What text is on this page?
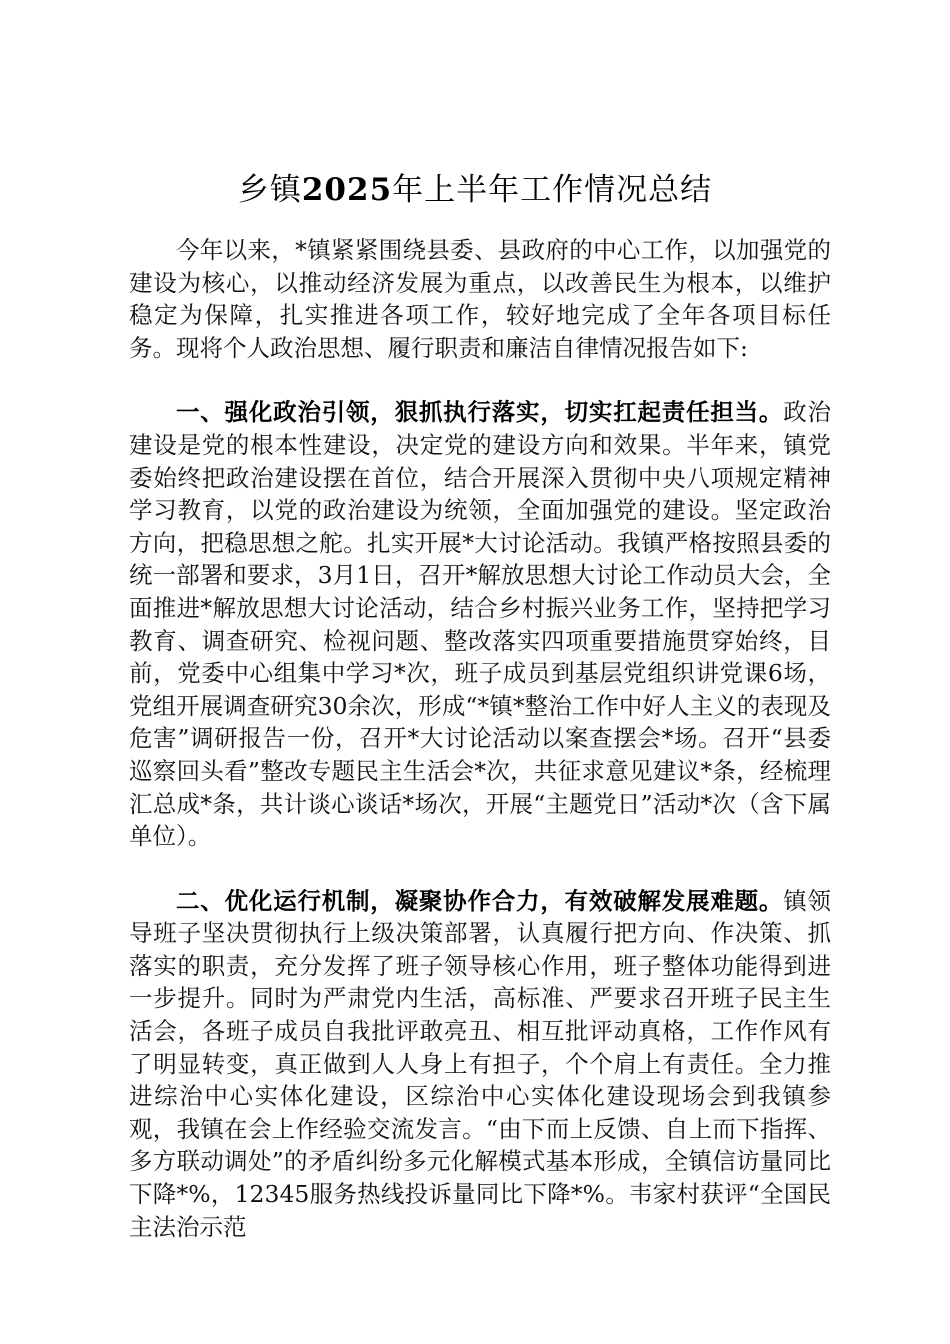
乡镇2025年上半年工作情况总结

今年以来，*镇紧紧围绕县委、县政府的中心工作，以加强党的建设为核心，以推动经济发展为重点，以改善民生为根本，以维护稳定为保障，扎实推进各项工作，较好地完成了全年各项目标任务。现将个人政治思想、履行职责和廉洁自律情况报告如下:

一、强化政治引领，狠抓执行落实，切实扛起责任担当。政治建设是党的根本性建设，决定党的建设方向和效果。半年来，镇党委始终把政治建设摆在首位，结合开展深入贯彻中央八项规定精神学习教育，以党的政治建设为统领，全面加强党的建设。坚定政治方向，把稳思想之舵。扎实开展*大讨论活动。我镇严格按照县委的统一部署和要求，3月1日，召开*解放思想大讨论工作动员大会，全面推进*解放思想大讨论活动，结合乡村振兴业务工作，坚持把学习教育、调查研究、检视问题、整改落实四项重要措施贯穿始终，目前，党委中心组集中学习*次，班子成员到基层党组织讲党课6场，党组开展调查研究30余次，形成“*镇*整治工作中好人主义的表现及危害”调研报告一份，召开*大讨论活动以案查摆会*场。召开“县委巡察回头看”整改专题民主生活会*次，共征求意见建议*条，经梳理汇总成*条，共计谈心谈话*场次，开展“主题党日”活动*次（含下属单位）。

二、优化运行机制，凝聚协作合力，有效破解发展难题。镇领导班子坚决贯彻执行上级决策部署，认真履行把方向、作决策、抓落实的职责，充分发挥了班子领导核心作用，班子整体功能得到进一步提升。同时为严肃党内生活，高标准、严要求召开班子民主生活会，各班子成员自我批评敢亮丑、相互批评动真格，工作作风有了明显转变，真正做到人人身上有担子，个个肩上有责任。全力推进综治中心实体化建设，区综治中心实体化建设现场会到我镇参观，我镇在会上作经验交流发言。“由下而上反馈、自上而下指挥、多方联动调处”的矛盾纠纷多元化解模式基本形成，全镇信访量同比下降*%，12345服务热线投诉量同比下降*%。韦家村获评“全国民主法治示范
